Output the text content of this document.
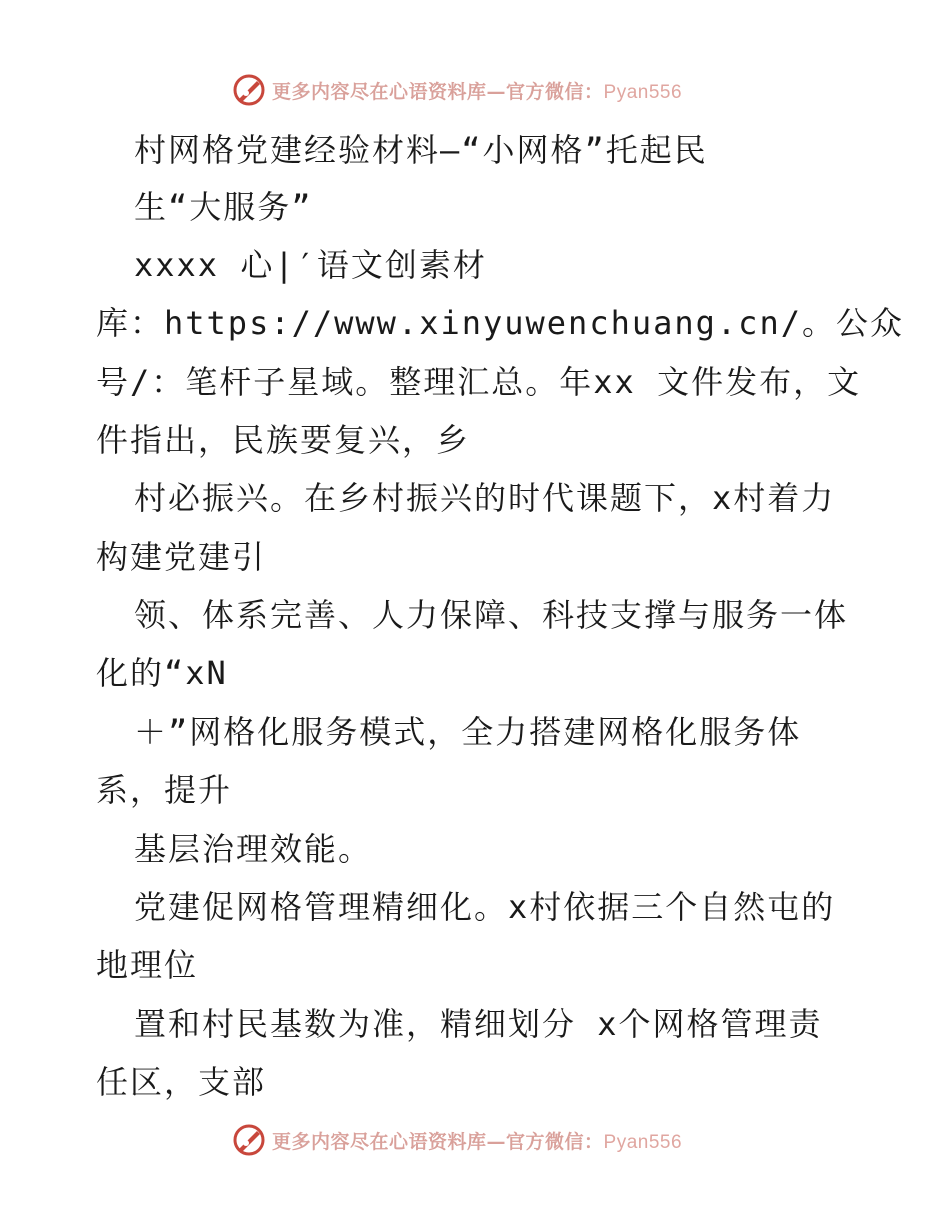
更多内容尽在心语资料库—官方微信：Pyan556
村网格党建经验材料—“小网格”托起民
生“大服务”
xxxx 心|′语文创素材
库：https://www.xinyuwenchuang.cn/。公众
号/：笔杆子星域。整理汇总。年xx 文件发布，文
件指出，民族要复兴，乡
村必振兴。在乡村振兴的时代课题下，x村着力
构建党建引
领、体系完善、人力保障、科技支撑与服务一体
化的“xN
＋”网格化服务模式，全力搭建网格化服务体
系，提升
基层治理效能。
党建促网格管理精细化。x村依据三个自然屯的
地理位
置和村民基数为准，精细划分 x个网格管理责
任区，支部
更多内容尽在心语资料库—官方微信：Pyan556
